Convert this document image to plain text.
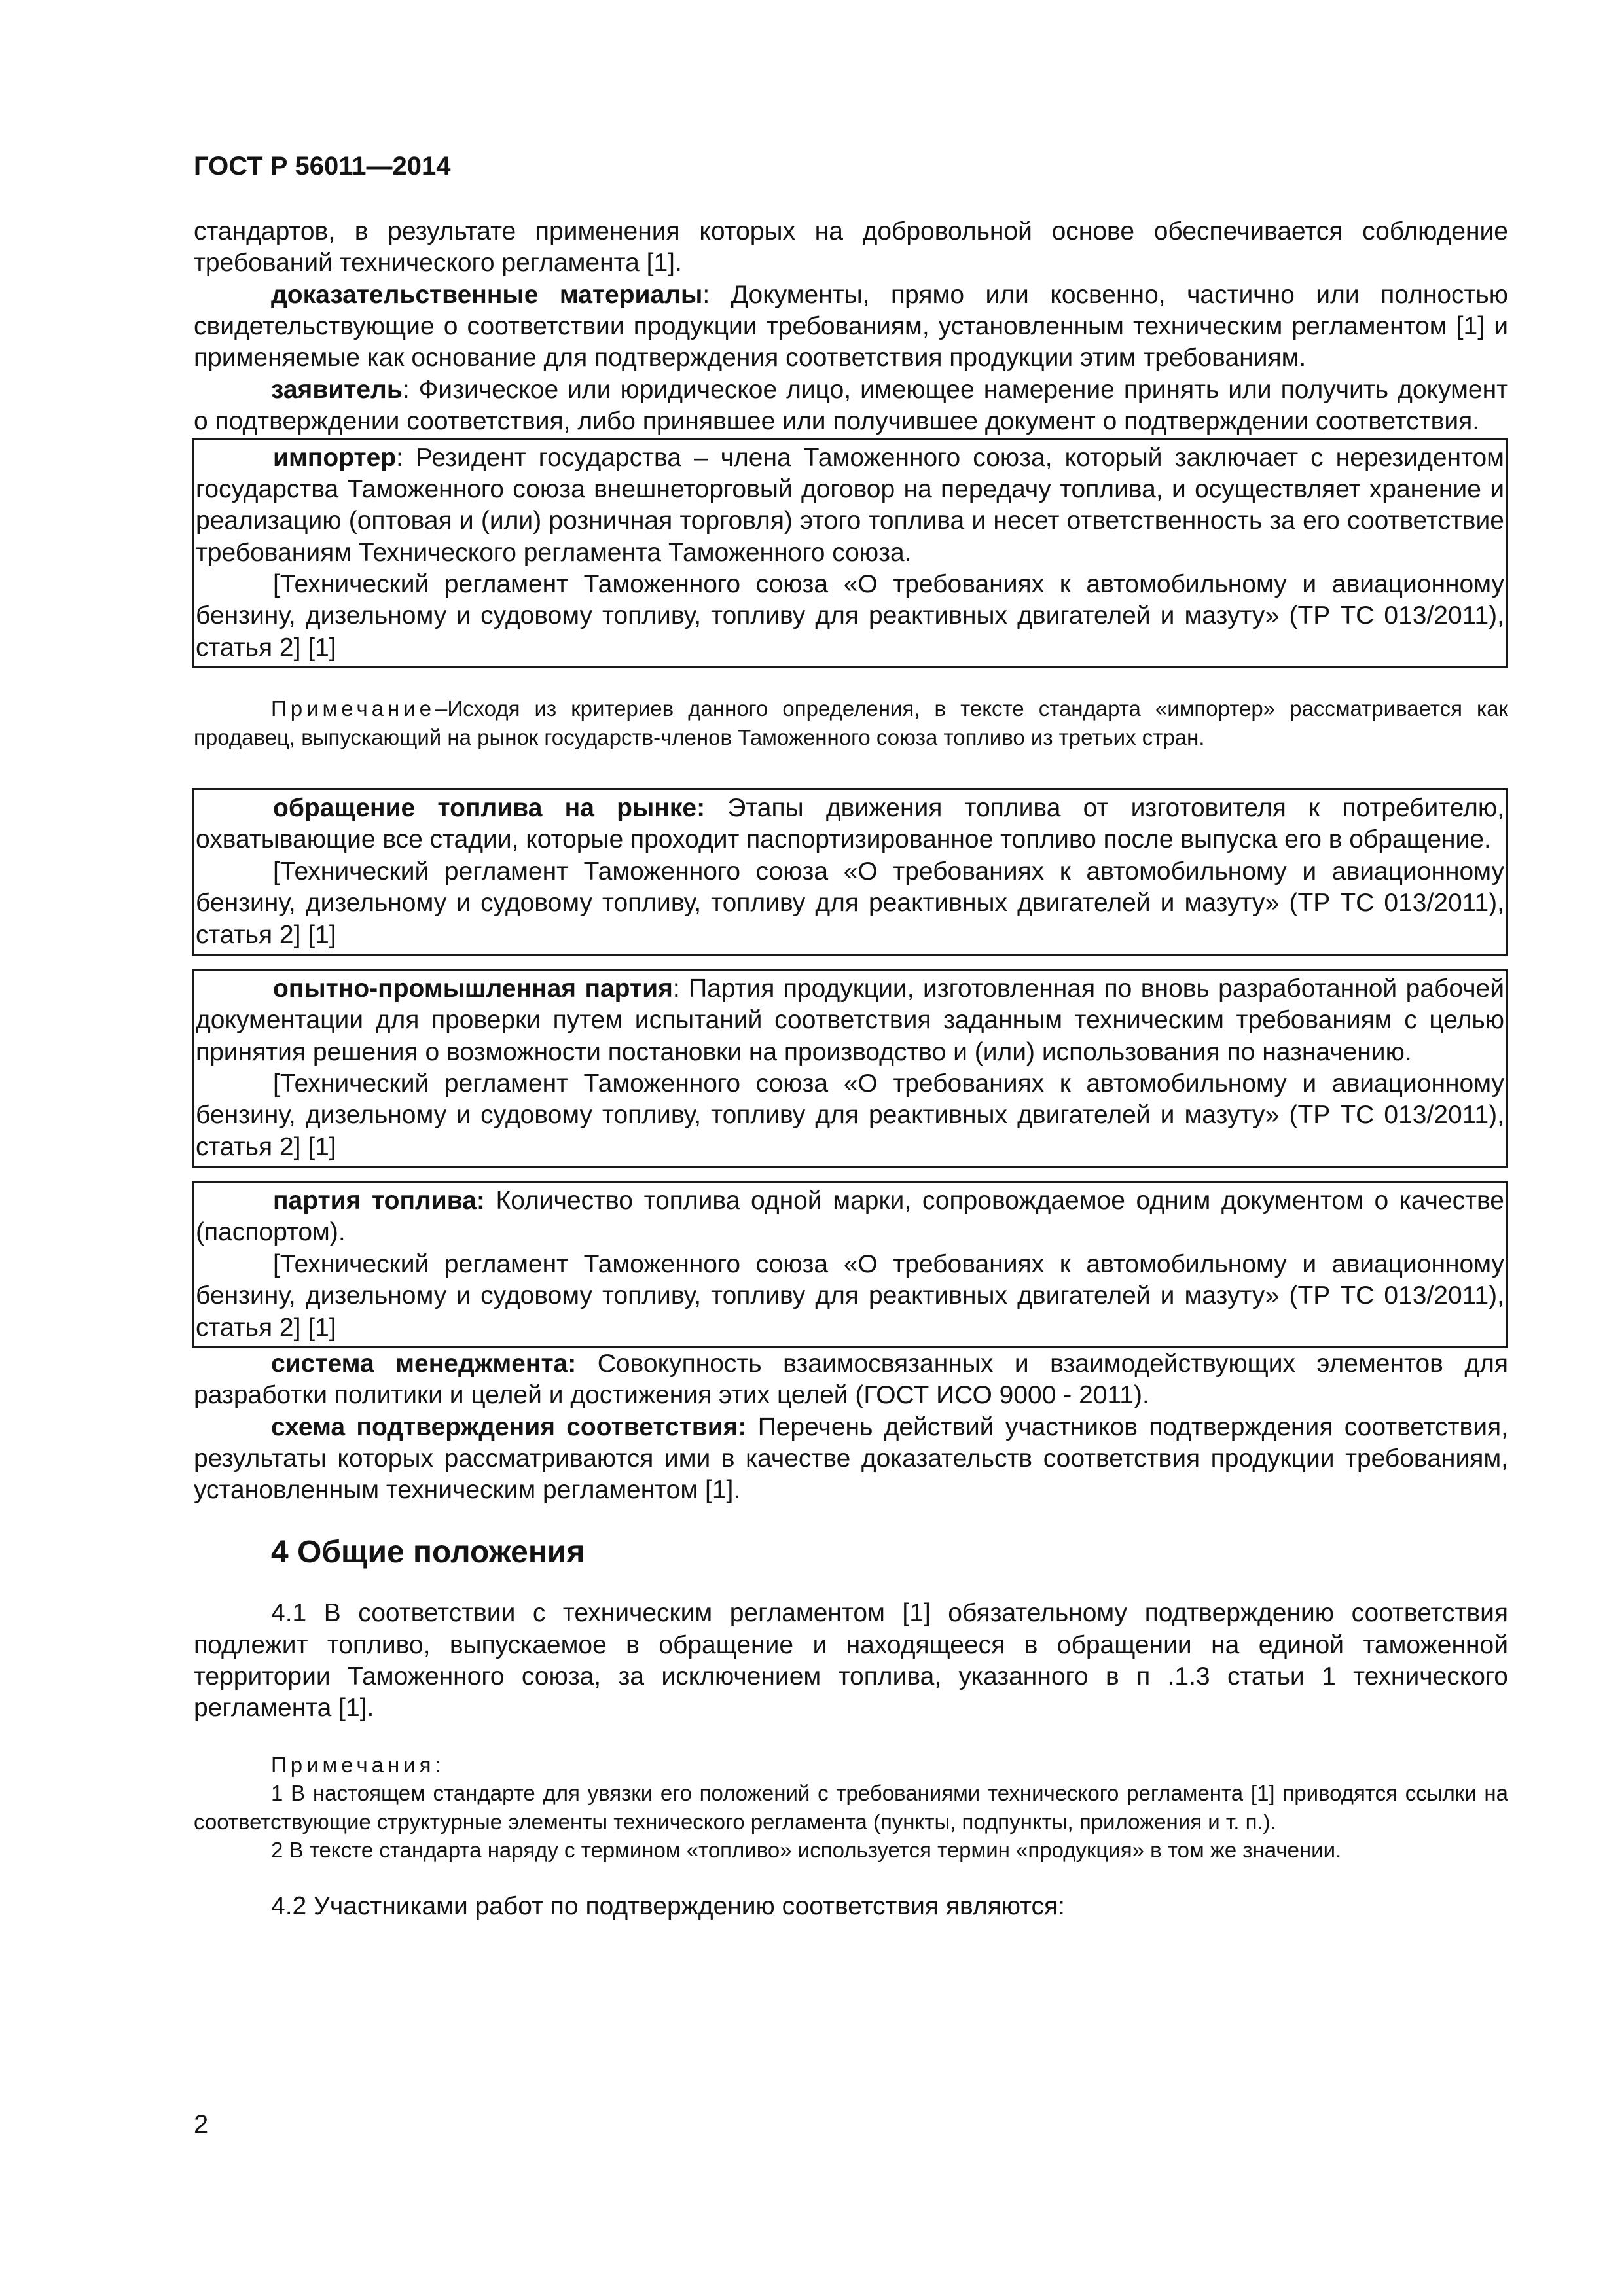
ГОСТ Р 56011—2014

стандартов, в результате применения которых на добровольной основе обеспечивается соблюдение требований технического регламента [1].

доказательственные материалы: Документы, прямо или косвенно, частично или полностью свидетельствующие о соответствии продукции требованиям, установленным техническим регламентом [1] и применяемые как основание для подтверждения соответствия продукции этим требованиям.

заявитель: Физическое или юридическое лицо, имеющее намерение принять или получить документ о подтверждении соответствия, либо принявшее или получившее документ о подтверждении соответствия.

импортер: Резидент государства – члена Таможенного союза, который заключает с нерезидентом государства Таможенного союза внешнеторговый договор на передачу топлива, и осуществляет хранение и реализацию (оптовая и (или) розничная торговля) этого топлива и несет ответственность за его соответствие требованиям Технического регламента Таможенного союза.

[Технический регламент Таможенного союза «О требованиях к автомобильному и авиационному бензину, дизельному и судовому топливу, топливу для реактивных двигателей и мазуту» (ТР ТС 013/2011), статья 2] [1]

Примечание–Исходя из критериев данного определения, в тексте стандарта «импортер» рассматривается как продавец, выпускающий на рынок государств-членов Таможенного союза топливо из третьих стран.

обращение топлива на рынке: Этапы движения топлива от изготовителя к потребителю, охватывающие все стадии, которые проходит паспортизированное топливо после выпуска его в обращение.

[Технический регламент Таможенного союза «О требованиях к автомобильному и авиационному бензину, дизельному и судовому топливу, топливу для реактивных двигателей и мазуту» (ТР ТС 013/2011), статья 2] [1]

опытно-промышленная партия: Партия продукции, изготовленная по вновь разработанной рабочей документации для проверки путем испытаний соответствия заданным техническим требованиям с целью принятия решения о возможности постановки на производство и (или) использования по назначению.

[Технический регламент Таможенного союза «О требованиях к автомобильному и авиационному бензину, дизельному и судовому топливу, топливу для реактивных двигателей и мазуту» (ТР ТС 013/2011), статья 2] [1]

партия топлива: Количество топлива одной марки, сопровождаемое одним документом о качестве (паспортом).

[Технический регламент Таможенного союза «О требованиях к автомобильному и авиационному бензину, дизельному и судовому топливу, топливу для реактивных двигателей и мазуту» (ТР ТС 013/2011), статья 2] [1]

система менеджмента: Совокупность взаимосвязанных и взаимодействующих элементов для разработки политики и целей и достижения этих целей (ГОСТ ИСО 9000 - 2011).

схема подтверждения соответствия: Перечень действий участников подтверждения соответствия, результаты которых рассматриваются ими в качестве доказательств соответствия продукции требованиям, установленным техническим регламентом [1].

4 Общие положения

4.1 В соответствии с техническим регламентом [1] обязательному подтверждению соответствия подлежит топливо, выпускаемое в обращение и находящееся в обращении на единой таможенной территории Таможенного союза, за исключением топлива, указанного в п .1.3 статьи 1 технического регламента [1].

Примечания:

1 В настоящем стандарте для увязки его положений с требованиями технического регламента [1] приводятся ссылки на соответствующие структурные элементы технического регламента (пункты, подпункты, приложения и т. п.).

2 В тексте стандарта наряду с термином «топливо» используется термин «продукция» в том же значении.

4.2 Участниками работ по подтверждению соответствия являются:

2
